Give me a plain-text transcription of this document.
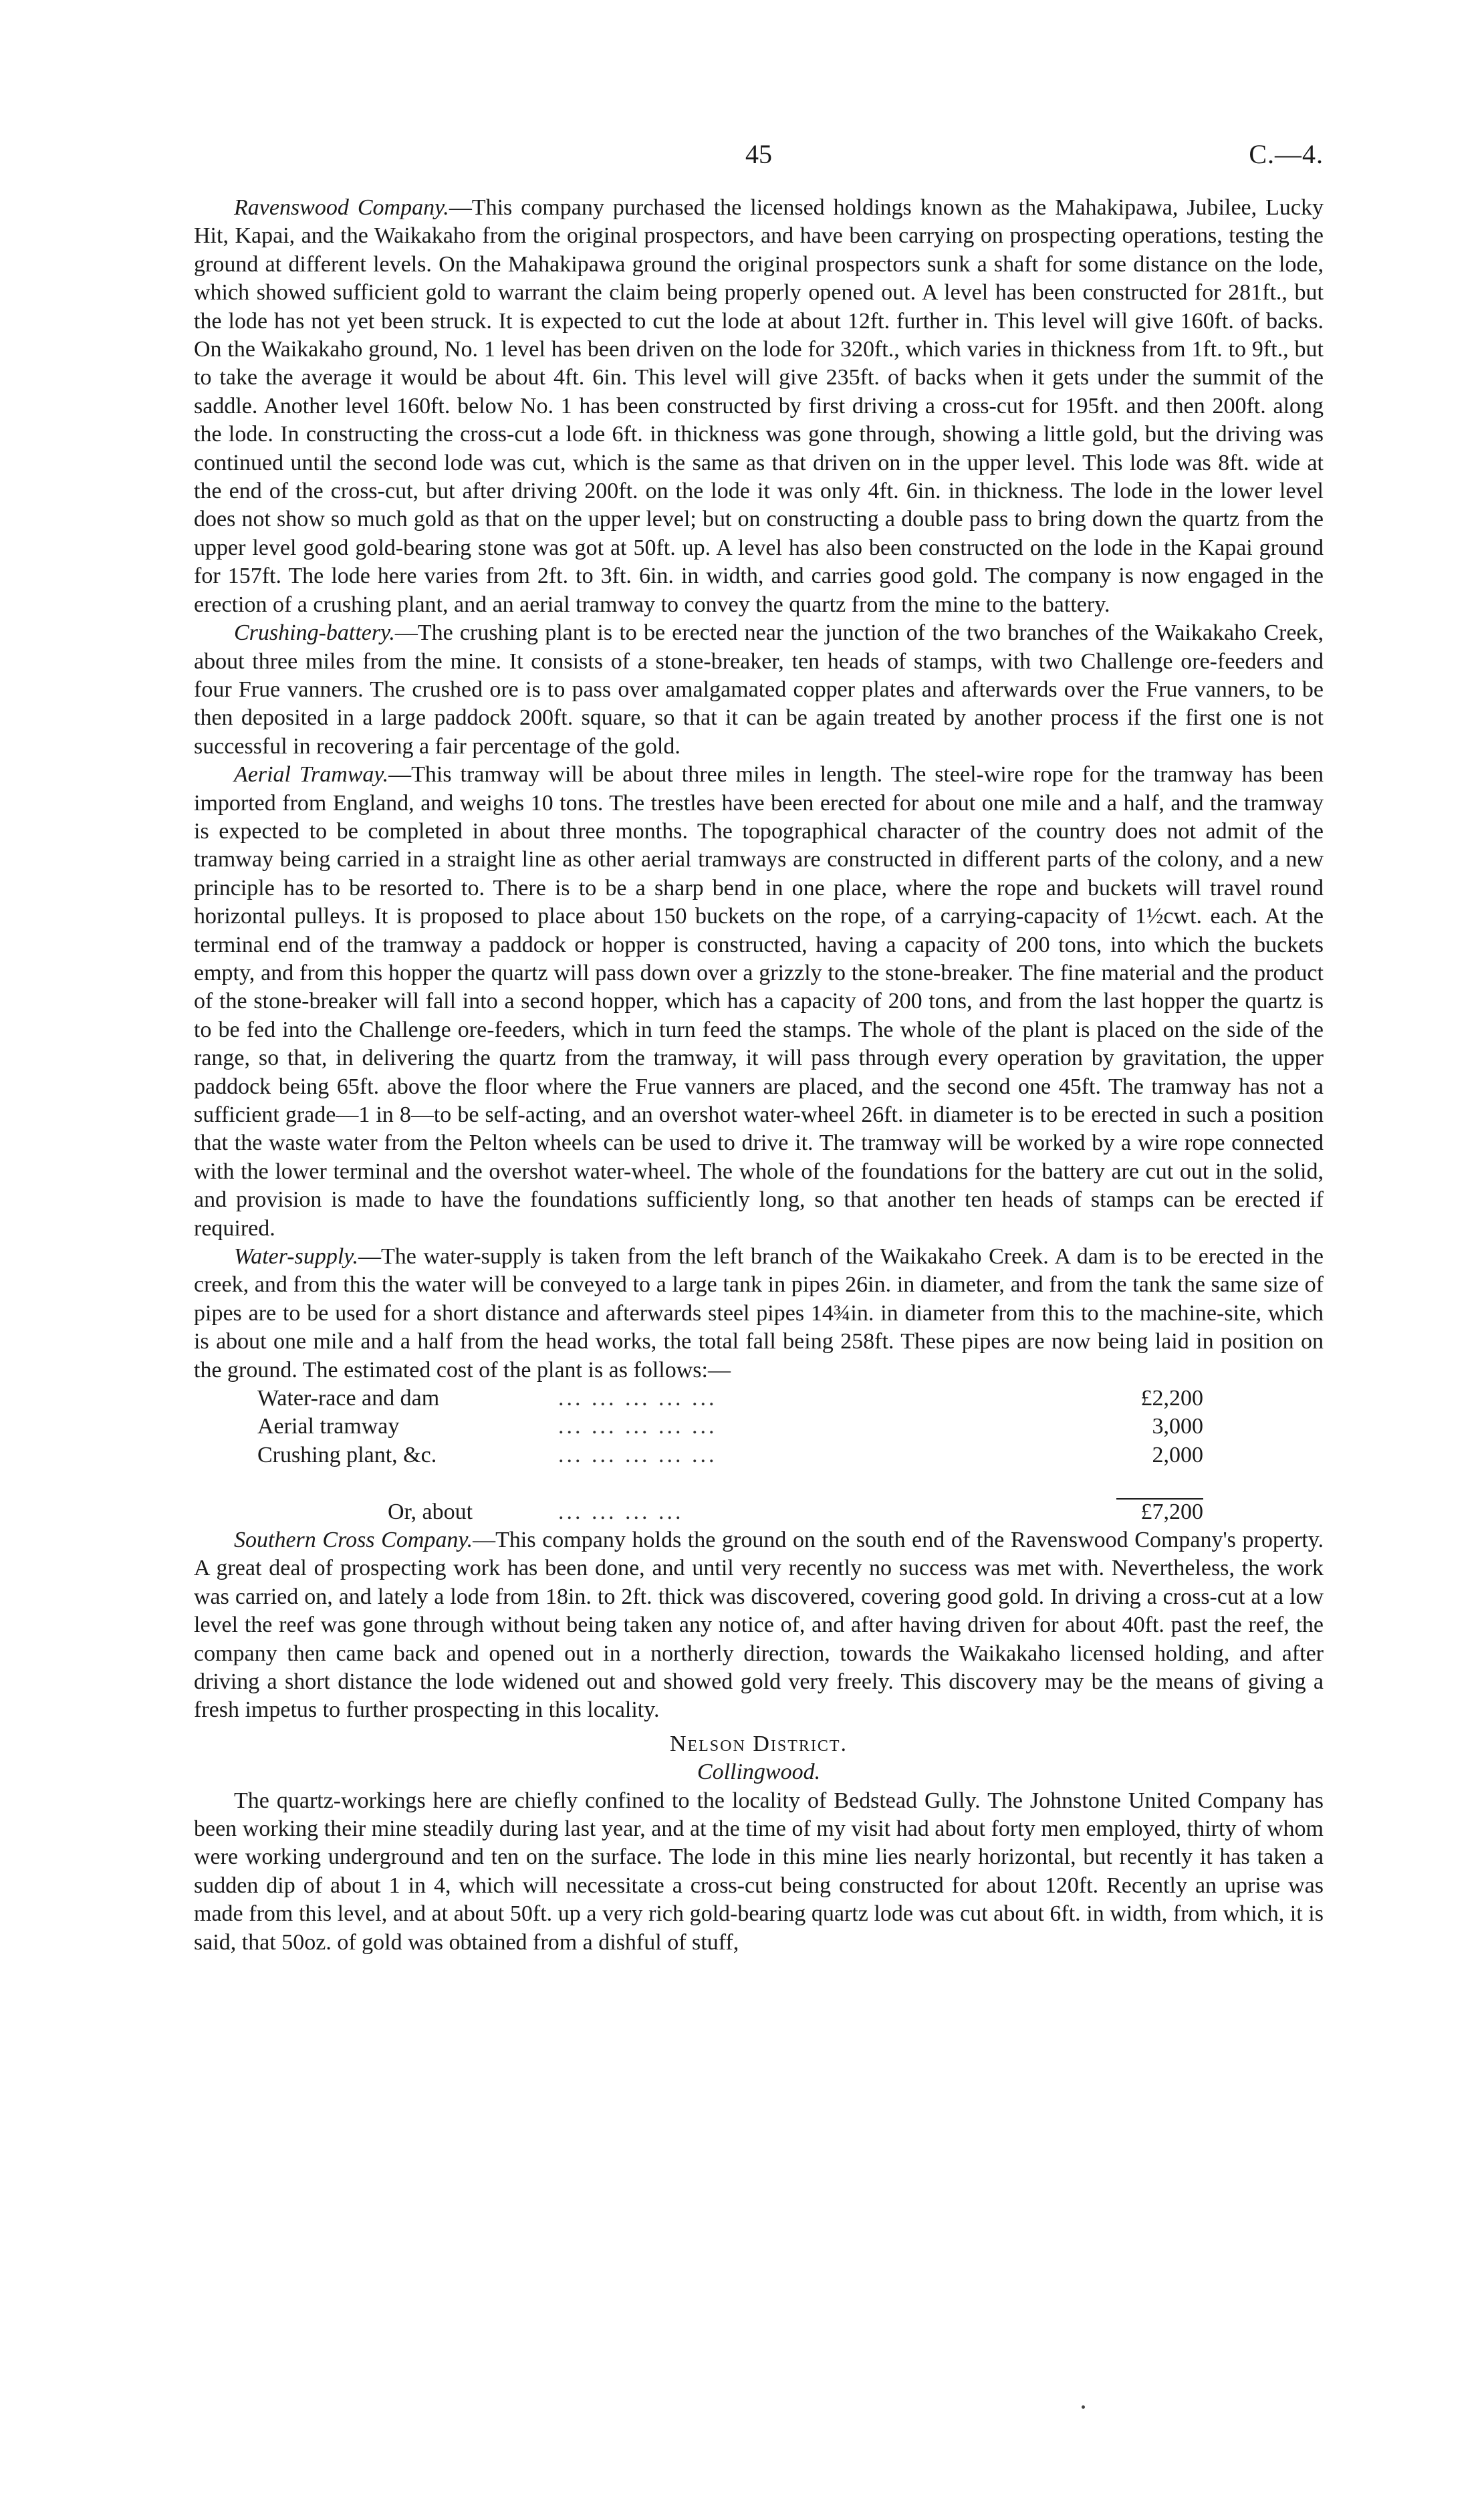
45	C.—4.

Ravenswood Company.—This company purchased the licensed holdings known as the Mahakipawa, Jubilee, Lucky Hit, Kapai, and the Waikakaho from the original prospectors, and have been carrying on prospecting operations, testing the ground at different levels. On the Mahakipawa ground the original prospectors sunk a shaft for some distance on the lode, which showed sufficient gold to warrant the claim being properly opened out. A level has been constructed for 281ft., but the lode has not yet been struck. It is expected to cut the lode at about 12ft. further in. This level will give 160ft. of backs. On the Waikakaho ground, No. 1 level has been driven on the lode for 320ft., which varies in thickness from 1ft. to 9ft., but to take the average it would be about 4ft. 6in. This level will give 235ft. of backs when it gets under the summit of the saddle. Another level 160ft. below No. 1 has been constructed by first driving a cross-cut for 195ft. and then 200ft. along the lode. In constructing the cross-cut a lode 6ft. in thickness was gone through, showing a little gold, but the driving was continued until the second lode was cut, which is the same as that driven on in the upper level. This lode was 8ft. wide at the end of the cross-cut, but after driving 200ft. on the lode it was only 4ft. 6in. in thickness. The lode in the lower level does not show so much gold as that on the upper level; but on constructing a double pass to bring down the quartz from the upper level good gold-bearing stone was got at 50ft. up. A level has also been constructed on the lode in the Kapai ground for 157ft. The lode here varies from 2ft. to 3ft. 6in. in width, and carries good gold. The company is now engaged in the erection of a crushing plant, and an aerial tramway to convey the quartz from the mine to the battery.

Crushing-battery.—The crushing plant is to be erected near the junction of the two branches of the Waikakaho Creek, about three miles from the mine. It consists of a stone-breaker, ten heads of stamps, with two Challenge ore-feeders and four Frue vanners. The crushed ore is to pass over amalgamated copper plates and afterwards over the Frue vanners, to be then deposited in a large paddock 200ft. square, so that it can be again treated by another process if the first one is not successful in recovering a fair percentage of the gold.

Aerial Tramway.—This tramway will be about three miles in length. The steel-wire rope for the tramway has been imported from England, and weighs 10 tons. The trestles have been erected for about one mile and a half, and the tramway is expected to be completed in about three months. The topographical character of the country does not admit of the tramway being carried in a straight line as other aerial tramways are constructed in different parts of the colony, and a new principle has to be resorted to. There is to be a sharp bend in one place, where the rope and buckets will travel round horizontal pulleys. It is proposed to place about 150 buckets on the rope, of a carrying-capacity of 1½cwt. each. At the terminal end of the tramway a paddock or hopper is constructed, having a capacity of 200 tons, into which the buckets empty, and from this hopper the quartz will pass down over a grizzly to the stone-breaker. The fine material and the product of the stone-breaker will fall into a second hopper, which has a capacity of 200 tons, and from the last hopper the quartz is to be fed into the Challenge ore-feeders, which in turn feed the stamps. The whole of the plant is placed on the side of the range, so that, in delivering the quartz from the tramway, it will pass through every operation by gravitation, the upper paddock being 65ft. above the floor where the Frue vanners are placed, and the second one 45ft. The tramway has not a sufficient grade—1 in 8—to be self-acting, and an overshot water-wheel 26ft. in diameter is to be erected in such a position that the waste water from the Pelton wheels can be used to drive it. The tramway will be worked by a wire rope connected with the lower terminal and the overshot water-wheel. The whole of the foundations for the battery are cut out in the solid, and provision is made to have the foundations sufficiently long, so that another ten heads of stamps can be erected if required.

Water-supply.—The water-supply is taken from the left branch of the Waikakaho Creek. A dam is to be erected in the creek, and from this the water will be conveyed to a large tank in pipes 26in. in diameter, and from the tank the same size of pipes are to be used for a short distance and afterwards steel pipes 14¾in. in diameter from this to the machine-site, which is about one mile and a half from the head works, the total fall being 258ft. These pipes are now being laid in position on the ground. The estimated cost of the plant is as follows:—

Water-race and dam	... ... ... ... ...	£2,200
Aerial tramway	... ... ... ... ...	3,000
Crushing plant, &c.	... ... ... ... ...	2,000
Or, about	... ... ... ...	£7,200

Southern Cross Company.—This company holds the ground on the south end of the Ravenswood Company's property. A great deal of prospecting work has been done, and until very recently no success was met with. Nevertheless, the work was carried on, and lately a lode from 18in. to 2ft. thick was discovered, covering good gold. In driving a cross-cut at a low level the reef was gone through without being taken any notice of, and after having driven for about 40ft. past the reef, the company then came back and opened out in a northerly direction, towards the Waikakaho licensed holding, and after driving a short distance the lode widened out and showed gold very freely. This discovery may be the means of giving a fresh impetus to further prospecting in this locality.

Nelson District.
Collingwood.

The quartz-workings here are chiefly confined to the locality of Bedstead Gully. The Johnstone United Company has been working their mine steadily during last year, and at the time of my visit had about forty men employed, thirty of whom were working underground and ten on the surface. The lode in this mine lies nearly horizontal, but recently it has taken a sudden dip of about 1 in 4, which will necessitate a cross-cut being constructed for about 120ft. Recently an uprise was made from this level, and at about 50ft. up a very rich gold-bearing quartz lode was cut about 6ft. in width, from which, it is said, that 50oz. of gold was obtained from a dishful of stuff,
